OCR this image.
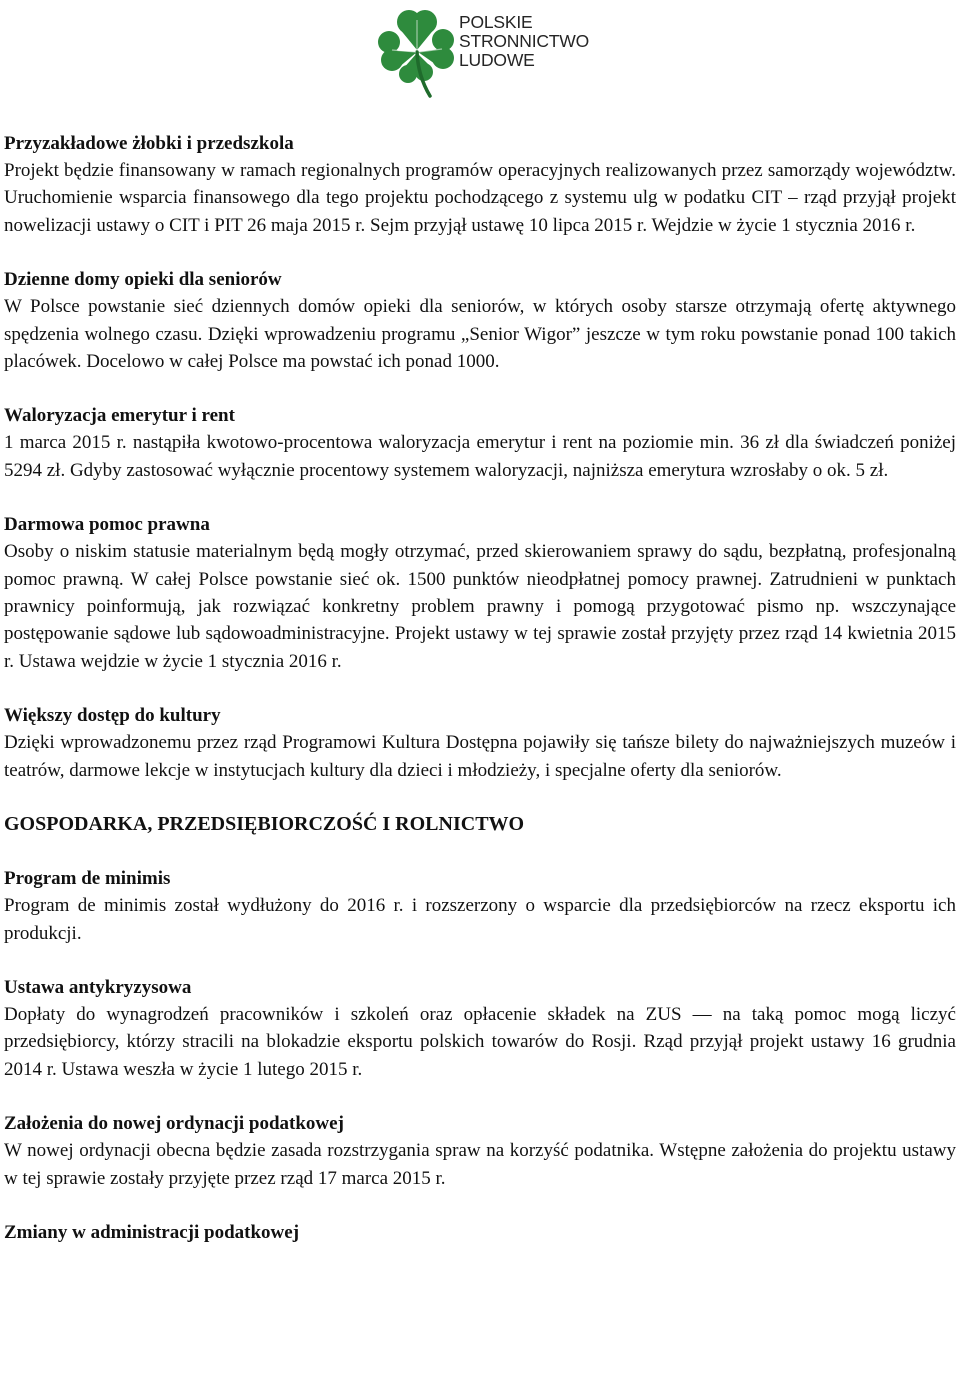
POLSKIE
STRONNICTWO
LUDOWE

Przyzakładowe żłobki i przedszkola

Projekt będzie finansowany w ramach regionalnych programów operacyjnych realizowanych przez samorządy województw. Uruchomienie wsparcia finansowego dla tego projektu pochodzącego z systemu ulg w podatku CIT – rząd przyjął projekt nowelizacji ustawy o CIT i PIT 26 maja 2015 r. Sejm przyjął ustawę 10 lipca 2015 r. Wejdzie w życie 1 stycznia 2016 r.

Dzienne domy opieki dla seniorów

W Polsce powstanie sieć dziennych domów opieki dla seniorów, w których osoby starsze otrzymają ofertę aktywnego spędzenia wolnego czasu. Dzięki wprowadzeniu programu „Senior Wigor” jeszcze w tym roku powstanie ponad 100 takich placówek. Docelowo w całej Polsce ma powstać ich ponad 1000.

Waloryzacja emerytur i rent

1 marca 2015 r. nastąpiła kwotowo-procentowa waloryzacja emerytur i rent na poziomie min. 36 zł dla świadczeń poniżej 5294 zł. Gdyby zastosować wyłącznie procentowy systemem waloryzacji, najniższa emerytura wzrosłaby o ok. 5 zł.

Darmowa pomoc prawna

Osoby o niskim statusie materialnym będą mogły otrzymać, przed skierowaniem sprawy do sądu, bezpłatną, profesjonalną pomoc prawną. W całej Polsce powstanie sieć ok. 1500 punktów nieodpłatnej pomocy prawnej. Zatrudnieni w punktach prawnicy poinformują, jak rozwiązać konkretny problem prawny i pomogą przygotować pismo np. wszczynające postępowanie sądowe lub sądowoadministracyjne. Projekt ustawy w tej sprawie został przyjęty przez rząd 14 kwietnia 2015 r. Ustawa wejdzie w życie 1 stycznia 2016 r.

Większy dostęp do kultury

Dzięki wprowadzonemu przez rząd Programowi Kultura Dostępna pojawiły się tańsze bilety do najważniejszych muzeów i teatrów, darmowe lekcje w instytucjach kultury dla dzieci i młodzieży, i specjalne oferty dla seniorów.

GOSPODARKA, PRZEDSIĘBIORCZOŚĆ I ROLNICTWO

Program de minimis

Program de minimis został wydłużony do 2016 r. i rozszerzony o wsparcie dla przedsiębiorców na rzecz eksportu ich produkcji.

Ustawa antykryzysowa

Dopłaty do wynagrodzeń pracowników i szkoleń oraz opłacenie składek na ZUS — na taką pomoc mogą liczyć przedsiębiorcy, którzy stracili na blokadzie eksportu polskich towarów do Rosji. Rząd przyjął projekt ustawy 16 grudnia 2014 r. Ustawa weszła w życie 1 lutego 2015 r.

Założenia do nowej ordynacji podatkowej

W nowej ordynacji obecna będzie zasada rozstrzygania spraw na korzyść podatnika. Wstępne założenia do projektu ustawy w tej sprawie zostały przyjęte przez rząd 17 marca 2015 r.

Zmiany w administracji podatkowej
